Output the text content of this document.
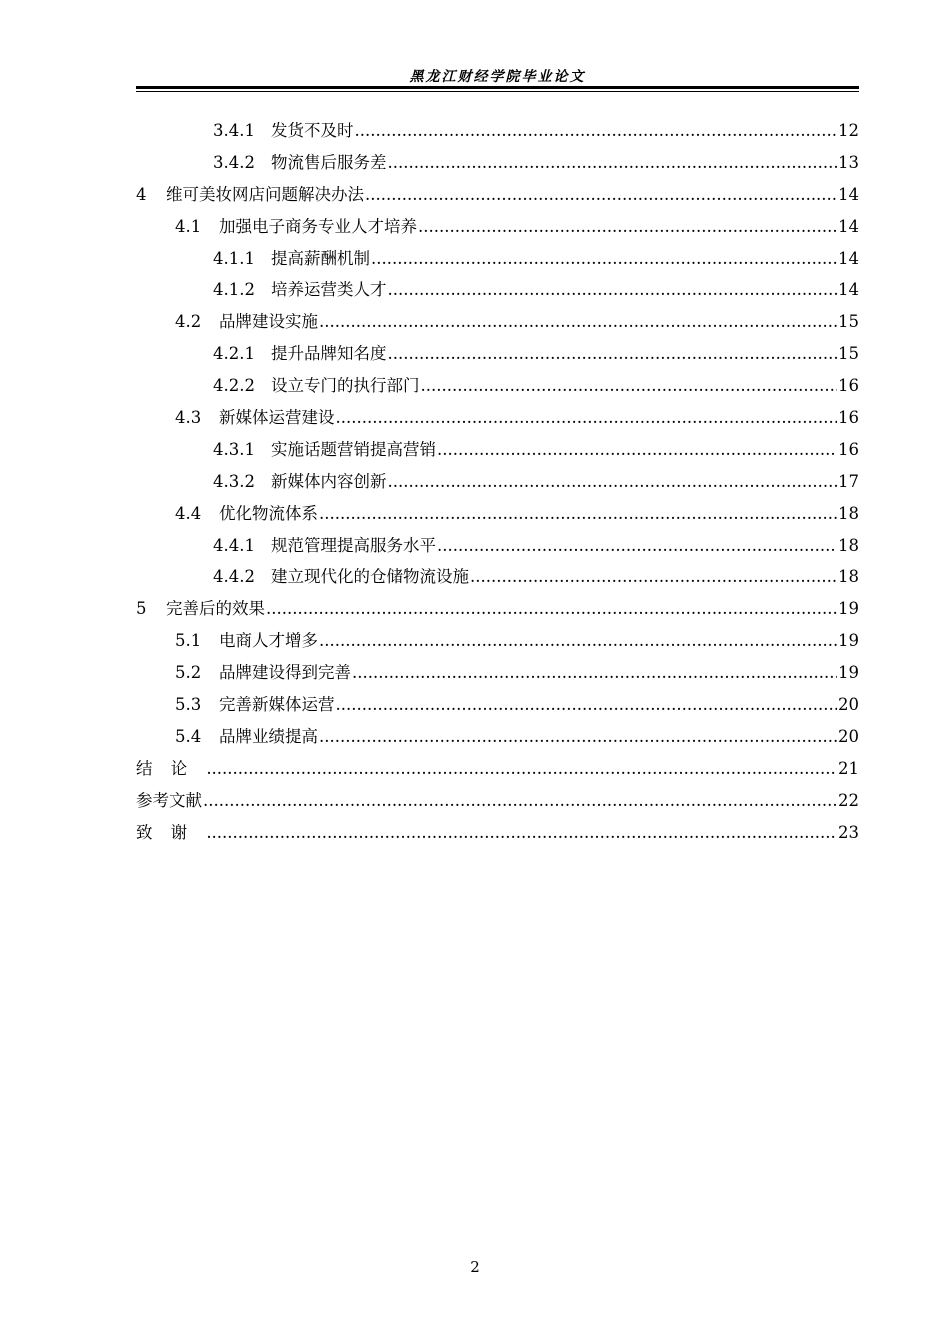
黑龙江财经学院毕业论文
3.4.1 发货不及时 .....	12
3.4.2 物流售后服务差 .....	13
4	维可美妆网店问题解决办法 .....	14
4.1	加强电子商务专业人才培养 .....	14
4.1.1 提高薪酬机制 .....	14
4.1.2 培养运营类人才 .....	14
4.2	品牌建设实施 .....	15
4.2.1 提升品牌知名度 .....	15
4.2.2 设立专门的执行部门 .....	16
4.3	新媒体运营建设 .....	16
4.3.1 实施话题营销提高营销 .....	16
4.3.2 新媒体内容创新 .....	17
4.4	优化物流体系 .....	18
4.4.1 规范管理提高服务水平 .....	18
4.4.2 建立现代化的仓储物流设施 .....	18
5	完善后的效果 .....	19
5.1	电商人才增多 .....	19
5.2	品牌建设得到完善 .....	19
5.3	完善新媒体运营 .....	20
5.4	品牌业绩提高 .....	20
结论 .....	21
参考文献 .....	22
致谢 .....	23
2
